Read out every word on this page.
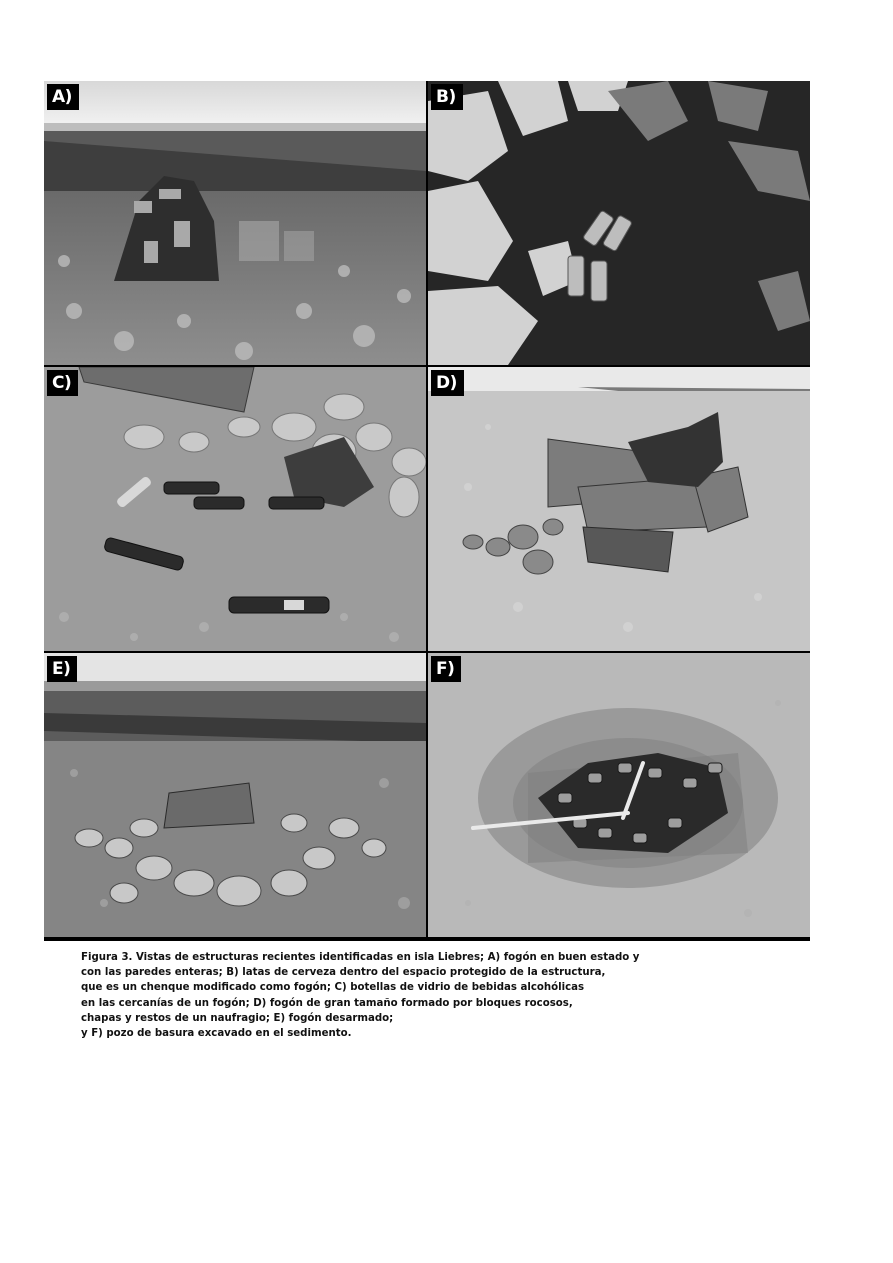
A)	B)
C)	D)
E)	F)
Figura 3. Vistas de estructuras recientes identificadas en isla Liebres; A) fogón en buen estado y
con las paredes enteras; B) latas de cerveza dentro del espacio protegido de la estructura,
que es un chenque modificado como fogón; C) botellas de vidrio de bebidas alcohólicas
en las cercanías de un fogón; D) fogón de gran tamaño formado por bloques rocosos,
chapas y restos de un naufragio; E) fogón desarmado;
y F) pozo de basura excavado en el sedimento.
